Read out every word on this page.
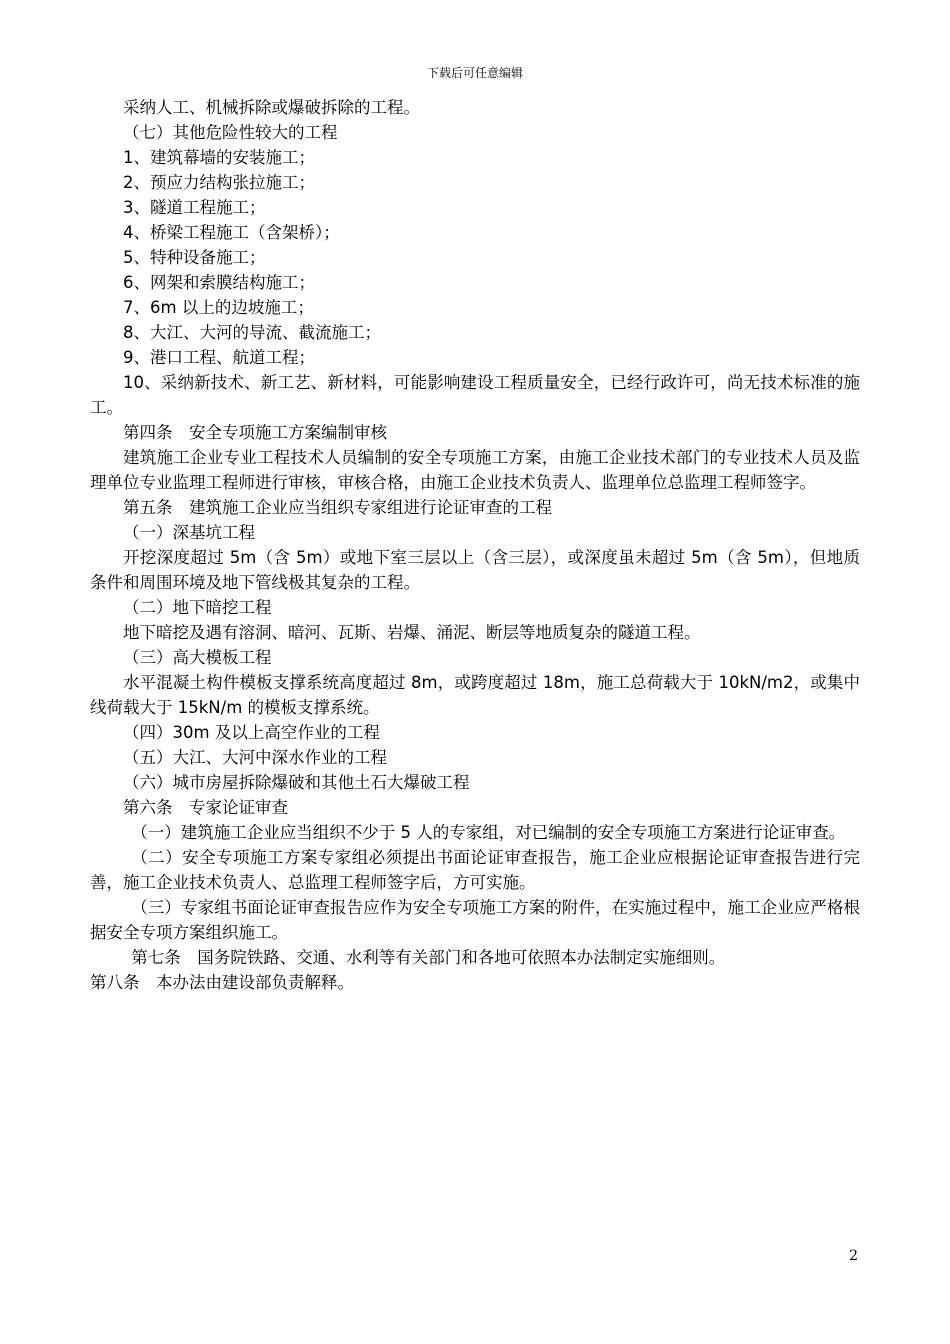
下载后可任意编辑

采纳人工、机械拆除或爆破拆除的工程。

（七）其他危险性较大的工程

1、建筑幕墙的安装施工；

2、预应力结构张拉施工；

3、隧道工程施工；

4、桥梁工程施工（含架桥）；

5、特种设备施工；

6、网架和索膜结构施工；

7、6m 以上的边坡施工；

8、大江、大河的导流、截流施工；

9、港口工程、航道工程；

10、采纳新技术、新工艺、新材料，可能影响建设工程质量安全，已经行政许可，尚无技术标准的施工。

第四条　安全专项施工方案编制审核

建筑施工企业专业工程技术人员编制的安全专项施工方案，由施工企业技术部门的专业技术人员及监理单位专业监理工程师进行审核，审核合格，由施工企业技术负责人、监理单位总监理工程师签字。

第五条　建筑施工企业应当组织专家组进行论证审查的工程

（一）深基坑工程

开挖深度超过 5m（含 5m）或地下室三层以上（含三层），或深度虽未超过 5m（含 5m），但地质条件和周围环境及地下管线极其复杂的工程。

（二）地下暗挖工程

地下暗挖及遇有溶洞、暗河、瓦斯、岩爆、涌泥、断层等地质复杂的隧道工程。

（三）高大模板工程

水平混凝土构件模板支撑系统高度超过 8m，或跨度超过 18m，施工总荷载大于 10kN/m2，或集中线荷载大于 15kN/m 的模板支撑系统。

（四）30m 及以上高空作业的工程

（五）大江、大河中深水作业的工程

（六）城市房屋拆除爆破和其他土石大爆破工程

第六条　专家论证审查

（一）建筑施工企业应当组织不少于 5 人的专家组，对已编制的安全专项施工方案进行论证审查。

（二）安全专项施工方案专家组必须提出书面论证审查报告，施工企业应根据论证审查报告进行完善，施工企业技术负责人、总监理工程师签字后，方可实施。

（三）专家组书面论证审查报告应作为安全专项施工方案的附件，在实施过程中，施工企业应严格根据安全专项方案组织施工。

第七条　国务院铁路、交通、水利等有关部门和各地可依照本办法制定实施细则。

第八条　本办法由建设部负责解释。

2
